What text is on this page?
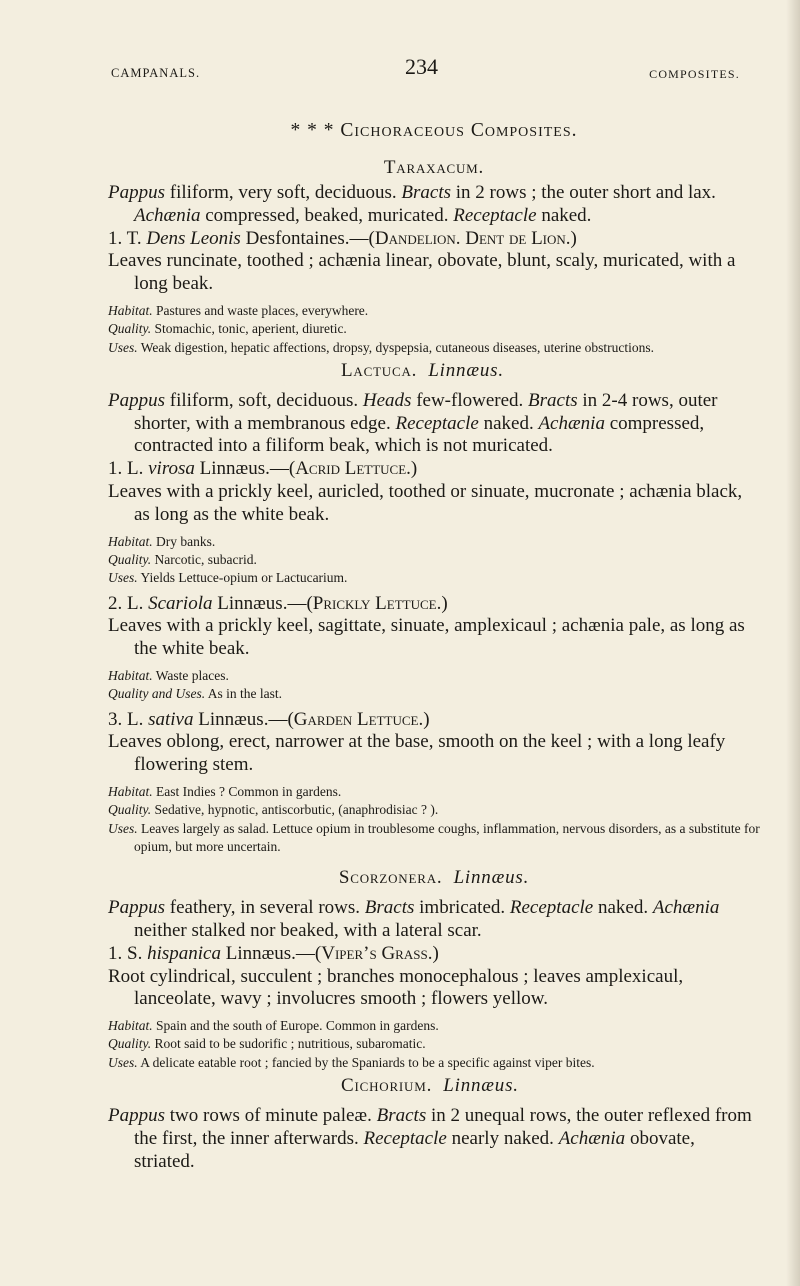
CAMPANALS.	234	COMPOSITES.
* * * Cichoraceous Composites.
Taraxacum.
Pappus filiform, very soft, deciduous. Bracts in 2 rows ; the outer short and lax. Achænia compressed, beaked, muricated. Receptacle naked.
1. T. Dens Leonis Desfontaines.—(Dandelion. Dent de Lion.)
Leaves runcinate, toothed ; achænia linear, obovate, blunt, scaly, muricated, with a long beak.
Habitat. Pastures and waste places, everywhere.
Quality. Stomachic, tonic, aperient, diuretic.
Uses. Weak digestion, hepatic affections, dropsy, dyspepsia, cutaneous diseases, uterine obstructions.
Lactuca. Linnæus.
Pappus filiform, soft, deciduous. Heads few-flowered. Bracts in 2-4 rows, outer shorter, with a membranous edge. Receptacle naked. Achænia compressed, contracted into a filiform beak, which is not muricated.
1. L. virosa Linnæus.—(Acrid Lettuce.)
Leaves with a prickly keel, auricled, toothed or sinuate, mucronate ; achænia black, as long as the white beak.
Habitat. Dry banks.
Quality. Narcotic, subacrid.
Uses. Yields Lettuce-opium or Lactucarium.
2. L. Scariola Linnæus.—(Prickly Lettuce.)
Leaves with a prickly keel, sagittate, sinuate, amplexicaul ; achænia pale, as long as the white beak.
Habitat. Waste places.
Quality and Uses. As in the last.
3. L. sativa Linnæus.—(Garden Lettuce.)
Leaves oblong, erect, narrower at the base, smooth on the keel ; with a long leafy flowering stem.
Habitat. East Indies ? Common in gardens.
Quality. Sedative, hypnotic, antiscorbutic, (anaphrodisiac ? ).
Uses. Leaves largely as salad. Lettuce opium in troublesome coughs, inflammation, nervous disorders, as a substitute for opium, but more uncertain.
Scorzonera. Linnæus.
Pappus feathery, in several rows. Bracts imbricated. Receptacle naked. Achænia neither stalked nor beaked, with a lateral scar.
1. S. hispanica Linnæus.—(Viper’s Grass.)
Root cylindrical, succulent ; branches monocephalous ; leaves amplexicaul, lanceolate, wavy ; involucres smooth ; flowers yellow.
Habitat. Spain and the south of Europe. Common in gardens.
Quality. Root said to be sudorific ; nutritious, subaromatic.
Uses. A delicate eatable root ; fancied by the Spaniards to be a specific against viper bites.
Cichorium. Linnæus.
Pappus two rows of minute paleæ. Bracts in 2 unequal rows, the outer reflexed from the first, the inner afterwards. Receptacle nearly naked. Achænia obovate, striated.
